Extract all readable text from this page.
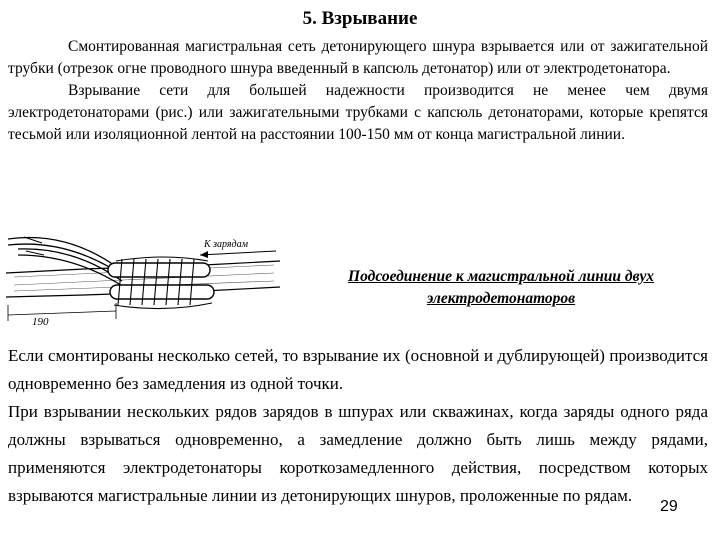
5. Взрывание
Смонтированная магистральная сеть детонирующего шнура взрывается или от зажигательной трубки (отрезок огне проводного шнура введенный в капсюль детонатор) или от электродетонатора.
Взрывание сети для большей надежности производится не менее чем двумя электродетонаторами (рис.) или зажигательными трубками с капсюль детонаторами, которые крепятся тесьмой или изоляционной лентой на расстоянии 100-150 мм от конца магистральной линии.
К зарядам
190
Подсоединение к магистральной линии двух электродетонаторов
Если смонтированы несколько сетей, то взрывание их (основной и дублирующей) производится одновременно без замедления из одной точки.
При взрывании нескольких рядов зарядов в шпурах или скважинах, когда заряды одного ряда должны взрываться одновременно, а замедление должно быть лишь между рядами, применяются электродетонаторы короткозамедленного действия, посредством которых взрываются магистральные линии из детонирующих шнуров, проложенные по рядам.
29
